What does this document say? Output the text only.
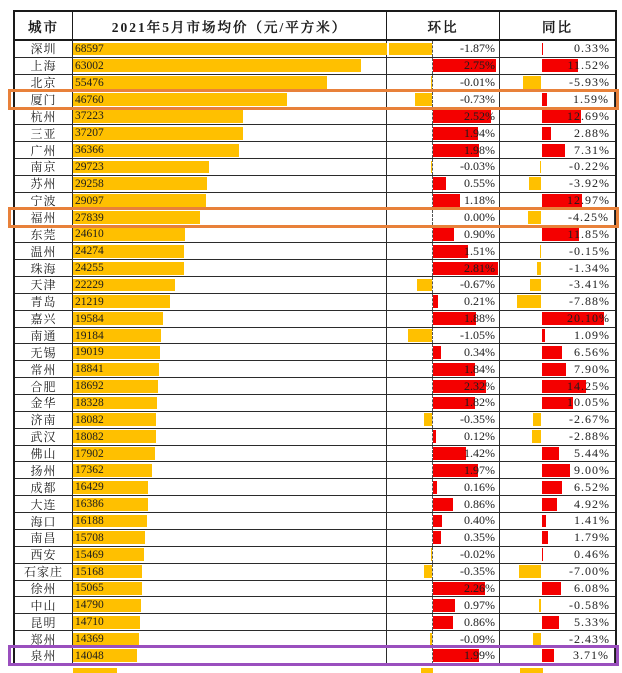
城市	2021年5月市场均价（元/平方米）	环比	同比
深圳	68597	-1.87%	0.33%
上海	63002	2.75%	11.52%
北京	55476	-0.01%	-5.93%
厦门	46760	-0.73%	1.59%
杭州	37223	2.52%	12.69%
三亚	37207	1.94%	2.88%
广州	36366	1.98%	7.31%
南京	29723	-0.03%	-0.22%
苏州	29258	0.55%	-3.92%
宁波	29097	1.18%	12.97%
福州	27839	0.00%	-4.25%
东莞	24610	0.90%	11.85%
温州	24274	1.51%	-0.15%
珠海	24255	2.81%	-1.34%
天津	22229	-0.67%	-3.41%
青岛	21219	0.21%	-7.88%
嘉兴	19584	1.88%	20.10%
南通	19184	-1.05%	1.09%
无锡	19019	0.34%	6.56%
常州	18841	1.84%	7.90%
合肥	18692	2.32%	14.25%
金华	18328	1.82%	10.05%
济南	18082	-0.35%	-2.67%
武汉	18082	0.12%	-2.88%
佛山	17902	1.42%	5.44%
扬州	17362	1.97%	9.00%
成都	16429	0.16%	6.52%
大连	16386	0.86%	4.92%
海口	16188	0.40%	1.41%
南昌	15708	0.35%	1.79%
西安	15469	-0.02%	0.46%
石家庄	15168	-0.35%	-7.00%
徐州	15065	2.26%	6.08%
中山	14790	0.97%	-0.58%
昆明	14710	0.86%	5.33%
郑州	14369	-0.09%	-2.43%
泉州	14048	1.99%	3.71%
